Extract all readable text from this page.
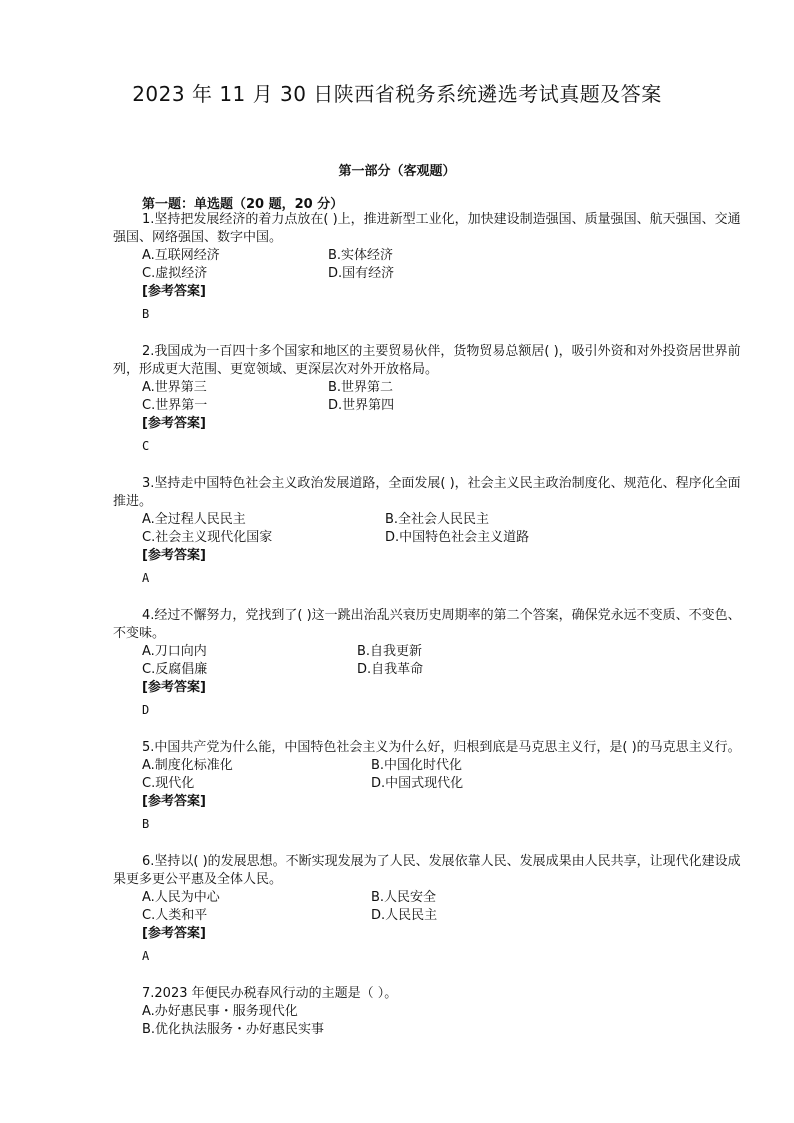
2023 年 11 月 30 日陕西省税务系统遴选考试真题及答案
第一部分（客观题）
第一题：单选题（20 题，20 分）
1.坚持把发展经济的着力点放在( )上，推进新型工业化，加快建设制造强国、质量强国、航天强国、交通强国、网络强国、数字中国。
A.互联网经济	B.实体经济
C.虚拟经济	D.国有经济
[参考答案]
B
2.我国成为一百四十多个国家和地区的主要贸易伙伴，货物贸易总额居( )，吸引外资和对外投资居世界前列，形成更大范围、更宽领域、更深层次对外开放格局。
A.世界第三	B.世界第二
C.世界第一	D.世界第四
[参考答案]
C
3.坚持走中国特色社会主义政治发展道路，全面发展( )，社会主义民主政治制度化、规范化、程序化全面推进。
A.全过程人民民主	B.全社会人民民主
C.社会主义现代化国家	D.中国特色社会主义道路
[参考答案]
A
4.经过不懈努力，党找到了( )这一跳出治乱兴衰历史周期率的第二个答案，确保党永远不变质、不变色、不变味。
A.刀口向内	B.自我更新
C.反腐倡廉	D.自我革命
[参考答案]
D
5.中国共产党为什么能，中国特色社会主义为什么好，归根到底是马克思主义行，是( )的马克思主义行。
A.制度化标准化	B.中国化时代化
C.现代化	D.中国式现代化
[参考答案]
B
6.坚持以( )的发展思想。不断实现发展为了人民、发展依靠人民、发展成果由人民共享，让现代化建设成果更多更公平惠及全体人民。
A.人民为中心	B.人民安全
C.人类和平	D.人民民主
[参考答案]
A
7.2023 年便民办税春风行动的主题是（ ）。
A.办好惠民事・服务现代化
B.优化执法服务・办好惠民实事
